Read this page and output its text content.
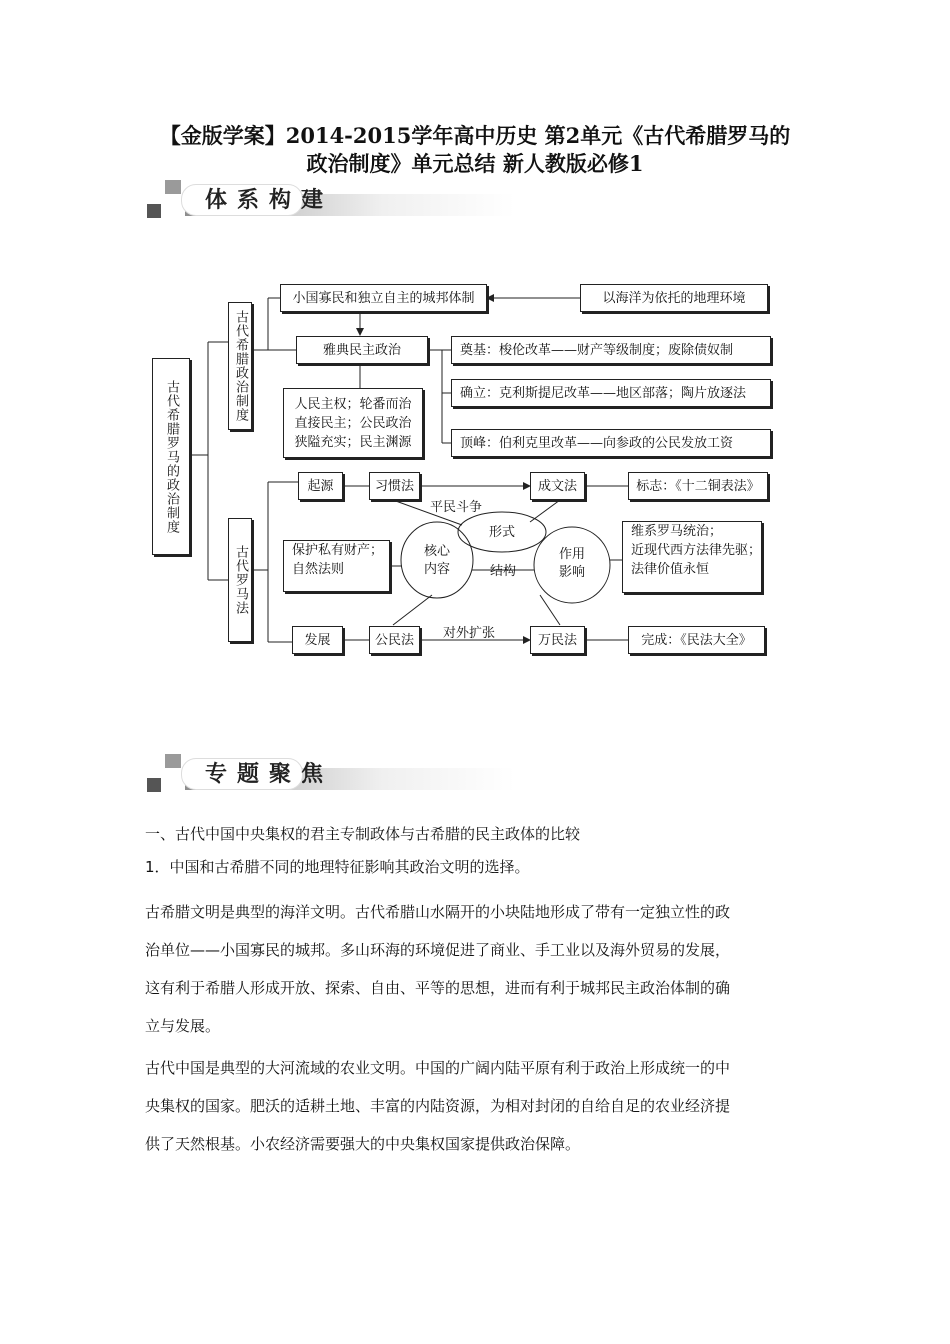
【金版学案】2014-2015学年高中历史 第2单元《古代希腊罗马的
政治制度》单元总结 新人教版必修1
体系构建
古代希腊罗马的政治制度
古代希腊政治制度
古代罗马法
小国寡民和独立自主的城邦体制	以海洋为依托的地理环境
雅典民主政治	奠基：梭伦改革——财产等级制度；废除债奴制
确立：克利斯提尼改革——地区部落；陶片放逐法
顶峰：伯利克里改革——向参政的公民发放工资
人民主权；轮番而治
直接民主；公民政治
狭隘充实；民主渊源
起源	习惯法	成文法	标志：《十二铜表法》
平民斗争
形式
核心
内容	结构
作用
影响
保护私有财产；
自然法则
维系罗马统治；
近现代西方法律先驱；
法律价值永恒
发展	公民法	对外扩张	万民法	完成：《民法大全》
专题聚焦

一、古代中国中央集权的君主专制政体与古希腊的民主政体的比较

1．中国和古希腊不同的地理特征影响其政治文明的选择。

古希腊文明是典型的海洋文明。古代希腊山水隔开的小块陆地形成了带有一定独立性的政

治单位——小国寡民的城邦。多山环海的环境促进了商业、手工业以及海外贸易的发展，

这有利于希腊人形成开放、探索、自由、平等的思想，进而有利于城邦民主政治体制的确

立与发展。

古代中国是典型的大河流域的农业文明。中国的广阔内陆平原有利于政治上形成统一的中

央集权的国家。肥沃的适耕土地、丰富的内陆资源，为相对封闭的自给自足的农业经济提

供了天然根基。小农经济需要强大的中央集权国家提供政治保障。
